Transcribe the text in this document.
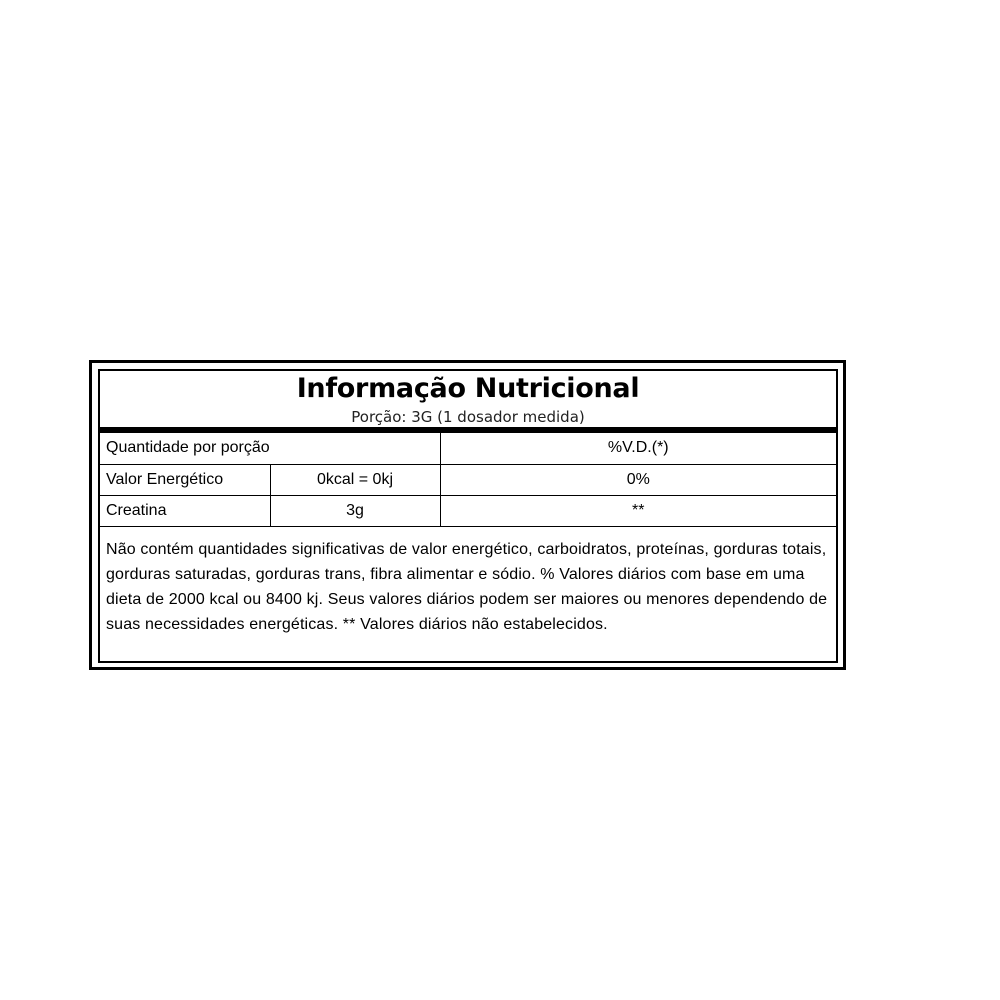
Informação Nutricional
Porção: 3G (1 dosador medida)
Quantidade por porção		%V.D.(*)
Valor Energético	0kcal = 0kj	0%
Creatina	3g	**
Não contém quantidades significativas de valor energético, carboidratos, proteínas, gorduras totais, gorduras saturadas, gorduras trans, fibra alimentar e sódio. % Valores diários com base em uma dieta de 2000 kcal ou 8400 kj. Seus valores diários podem ser maiores ou menores dependendo de suas necessidades energéticas. ** Valores diários não estabelecidos.
